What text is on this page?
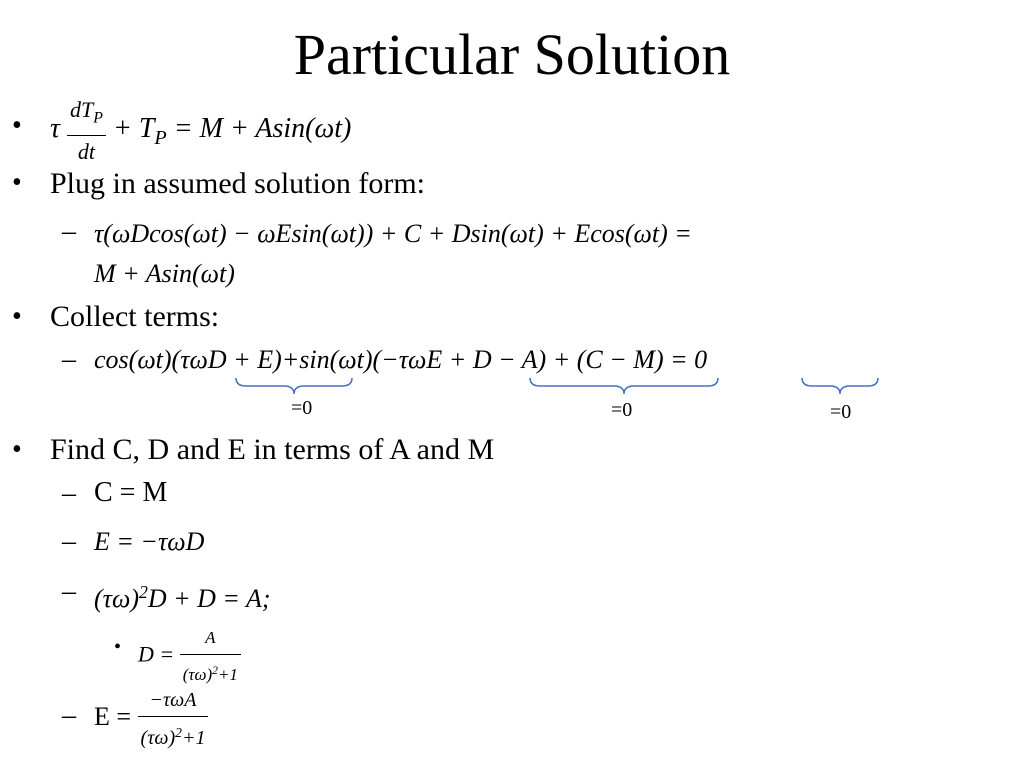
Particular Solution
• τ $\frac{dT_P}{dt} + T_P = M + Asin(\omega t)$
• Plug in assumed solution form:
– τ(ωDcos(ωt) − ωEsin(ωt)) + C + Dsin(ωt) + Ecos(ωt) =
M + Asin(ωt)
• Collect terms:
– cos(ωt)(τωD + E)+sin(ωt)(−τωE + D − A) + (C − M) = 0
=0	=0	=0
• Find C, D and E in terms of A and M
– C = M
– E = −τωD
– $(\tau\omega)^2D + D = A$;
• $D = \frac{A}{(\tau\omega)^2+1}$
– $E = \frac{\text{−τωA}}{(\tau\omega)^2+1}$
